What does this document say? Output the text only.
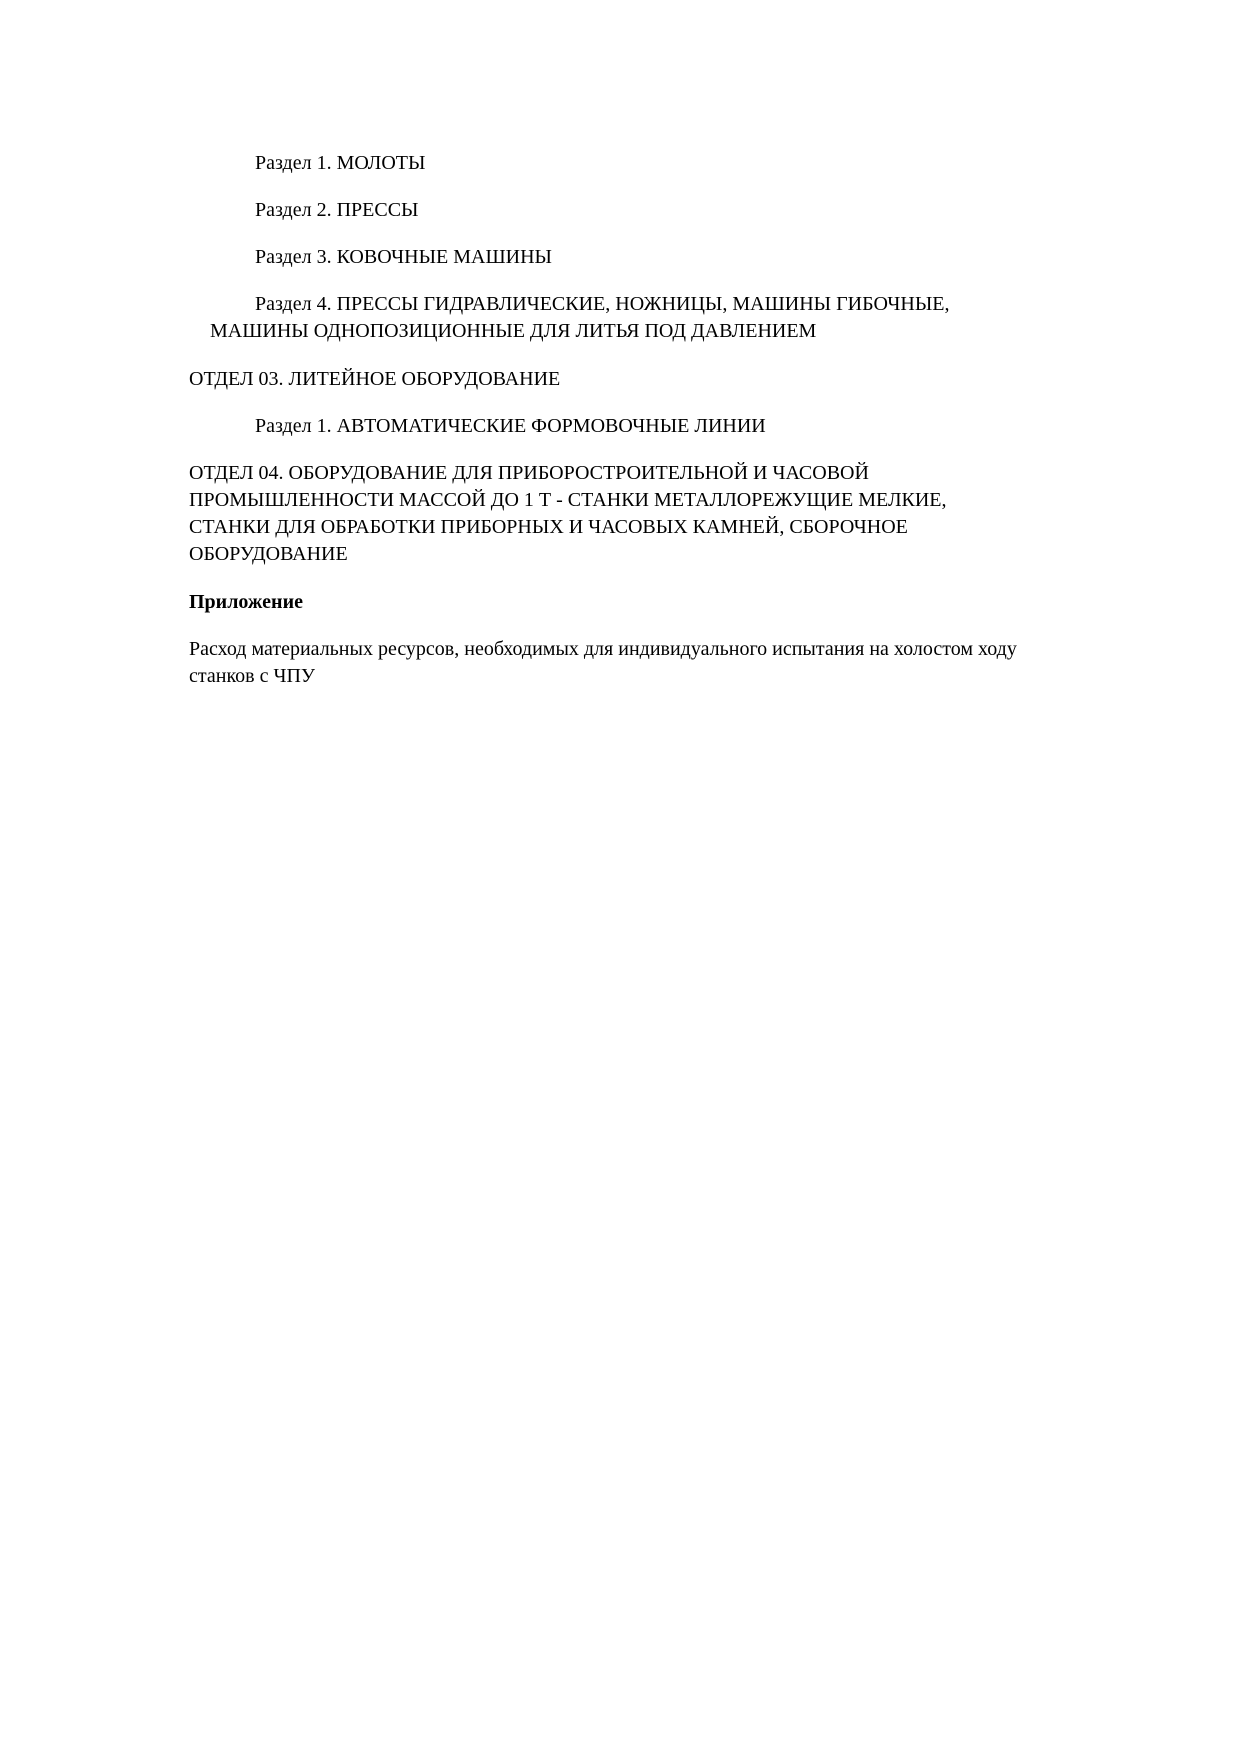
Раздел 1. МОЛОТЫ
Раздел 2. ПРЕССЫ
Раздел 3. КОВОЧНЫЕ МАШИНЫ
Раздел 4. ПРЕССЫ ГИДРАВЛИЧЕСКИЕ, НОЖНИЦЫ, МАШИНЫ ГИБОЧНЫЕ,
МАШИНЫ ОДНОПОЗИЦИОННЫЕ ДЛЯ ЛИТЬЯ ПОД ДАВЛЕНИЕМ
ОТДЕЛ 03. ЛИТЕЙНОЕ ОБОРУДОВАНИЕ
Раздел 1. АВТОМАТИЧЕСКИЕ ФОРМОВОЧНЫЕ ЛИНИИ
ОТДЕЛ 04. ОБОРУДОВАНИЕ ДЛЯ ПРИБОРОСТРОИТЕЛЬНОЙ И ЧАСОВОЙ
ПРОМЫШЛЕННОСТИ МАССОЙ ДО 1 Т - СТАНКИ МЕТАЛЛОРЕЖУЩИЕ МЕЛКИЕ,
СТАНКИ ДЛЯ ОБРАБОТКИ ПРИБОРНЫХ И ЧАСОВЫХ КАМНЕЙ, СБОРОЧНОЕ
ОБОРУДОВАНИЕ
Приложение
Расход материальных ресурсов, необходимых для индивидуального испытания на холостом ходу
станков с ЧПУ
